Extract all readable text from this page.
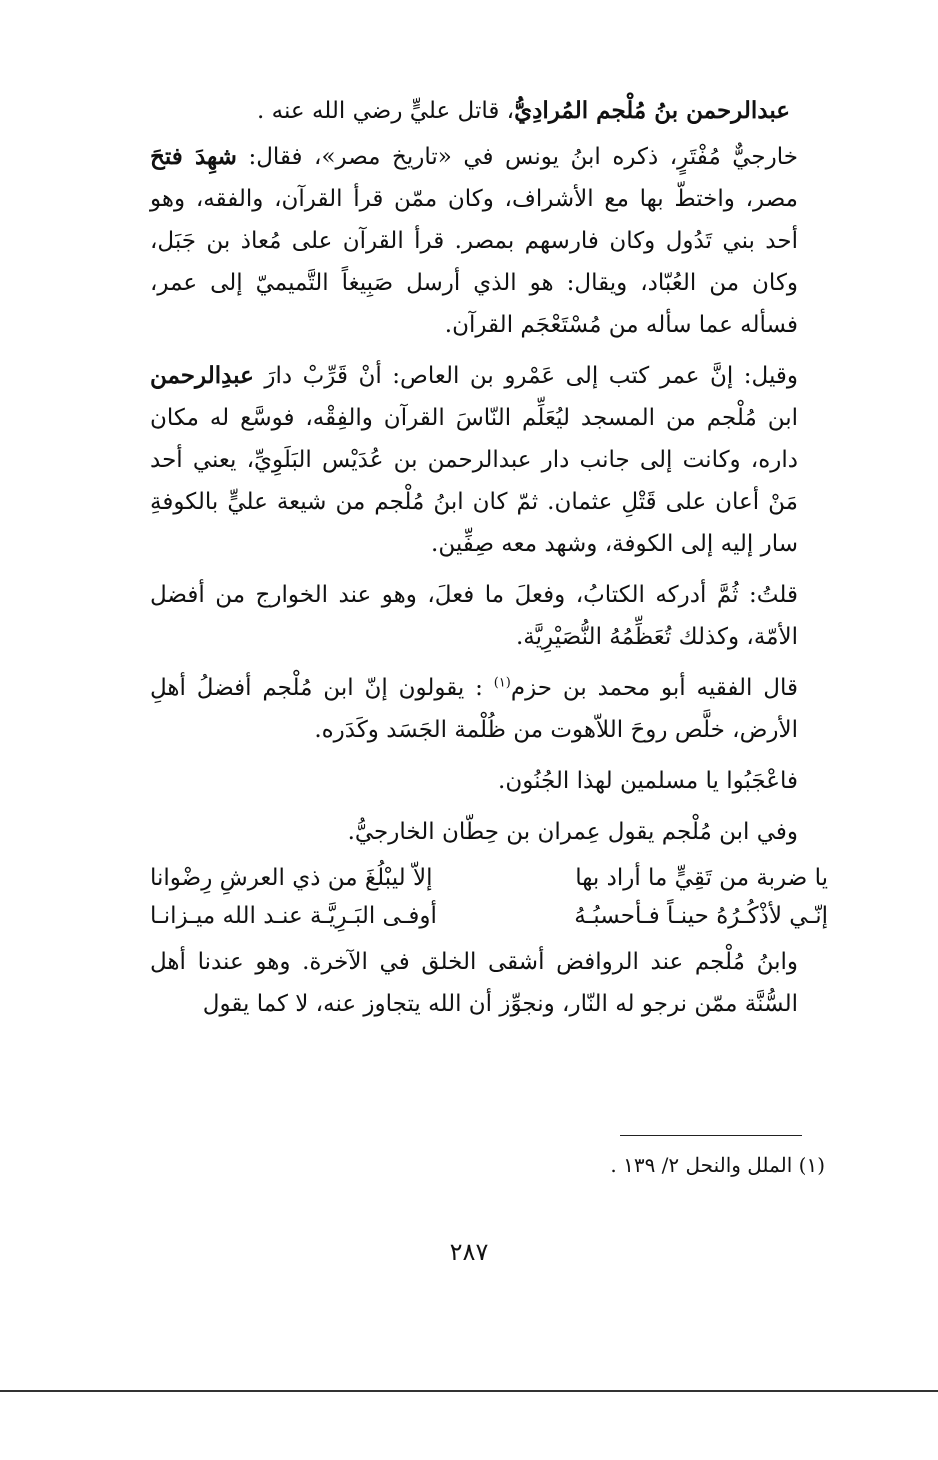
عبدالرحمن بنُ مُلْجم المُرادِيُّ، قاتل عليٍّ رضي الله عنه .

خارجيٌّ مُفْتَرٍ، ذكره ابنُ يونس في «تاريخ مصر»، فقال: شهِدَ فتحَ مصر، واختطّ بها مع الأشراف، وكان ممّن قرأ القرآن، والفقه، وهو أحد بني تَدُول وكان فارسهم بمصر. قرأ القرآن على مُعاذ بن جَبَل، وكان من العُبّاد، ويقال: هو الذي أرسل صَبِيغاً التَّميميّ إلى عمر، فسأله عما سأله من مُسْتَعْجَم القرآن.

وقيل: إنَّ عمر كتب إلى عَمْرو بن العاص: أنْ قَرِّبْ دارَ عبدِالرحمن ابن مُلْجم من المسجد ليُعَلِّم النّاسَ القرآن والفِقْه، فوسَّع له مكان داره، وكانت إلى جانب دار عبدالرحمن بن عُدَيْس البَلَوِيِّ، يعني أحد مَنْ أعان على قَتْلِ عثمان. ثمّ كان ابنُ مُلْجم من شيعة عليٍّ بالكوفةِ سار إليه إلى الكوفة، وشهد معه صِفِّين.

قلتُ: ثُمَّ أدركه الكتابُ، وفعلَ ما فعلَ، وهو عند الخوارج من أفضل الأمّة، وكذلك تُعَظِّمُهُ النُّصَيْرِيَّة.

قال الفقيه أبو محمد بن حزم$^{(١)}$ : يقولون إنّ ابن مُلْجم أفضلُ أهلِ الأرض، خلَّص روحَ اللاّهوت من ظُلْمة الجَسَد وكَدَره.

فاعْجَبُوا يا مسلمين لهذا الجُنُون.

وفي ابن مُلْجم يقول عِمران بن حِطّان الخارجيُّ.

يا ضربة من تَقِيٍّ ما أراد بها
إلاّ ليبْلُغَ من ذي العرشِ رِضْوانا

إنّـي لأذْكُـرُهُ حينـاً فـأحسبُـهُ
أوفـى البَـرِيَّـة عنـد الله ميـزانـا

وابنُ مُلْجم عند الروافض أشقى الخلق في الآخرة. وهو عندنا أهل السُّنَّة ممّن نرجو له النّار، ونجوِّز أن الله يتجاوز عنه، لا كما يقول

(١) الملل والنحل ٢/ ١٣٩ .
٢٨٧
